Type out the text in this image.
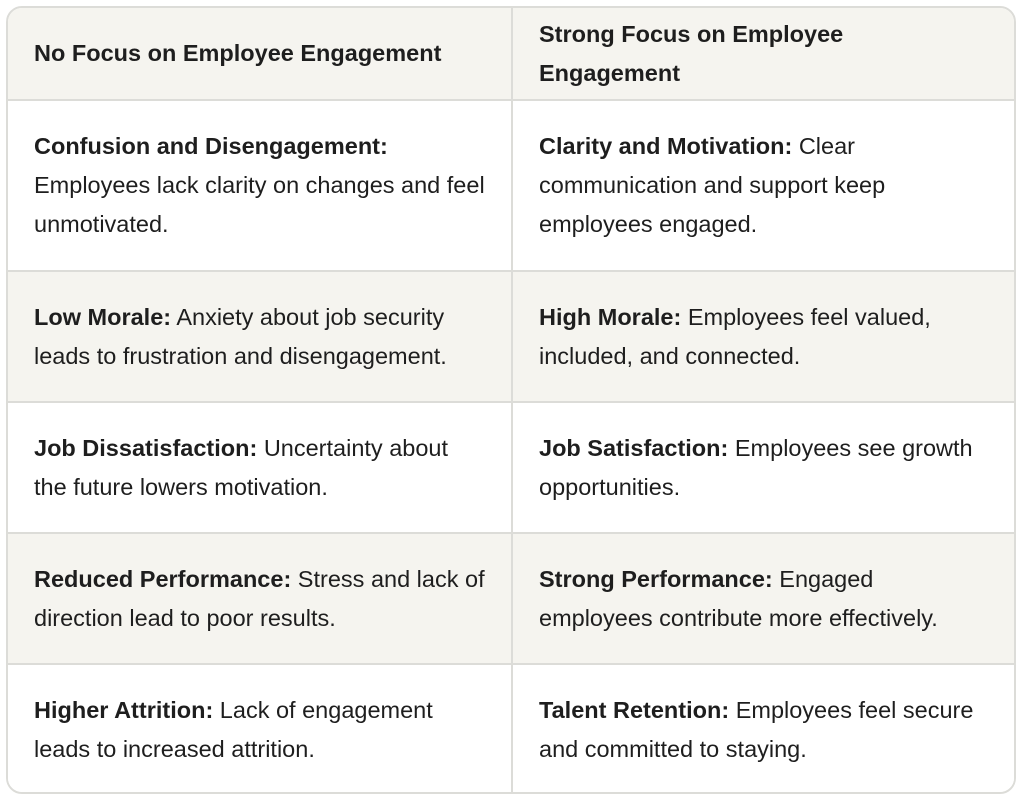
No Focus on Employee Engagement	Strong Focus on Employee Engagement
Confusion and Disengagement: Employees lack clarity on changes and feel unmotivated.	Clarity and Motivation: Clear communication and support keep employees engaged.
Low Morale: Anxiety about job security leads to frustration and disengagement.	High Morale: Employees feel valued, included, and connected.
Job Dissatisfaction: Uncertainty about the future lowers motivation.	Job Satisfaction: Employees see growth opportunities.
Reduced Performance: Stress and lack of direction lead to poor results.	Strong Performance: Engaged employees contribute more effectively.
Higher Attrition: Lack of engagement leads to increased attrition.	Talent Retention: Employees feel secure and committed to staying.
